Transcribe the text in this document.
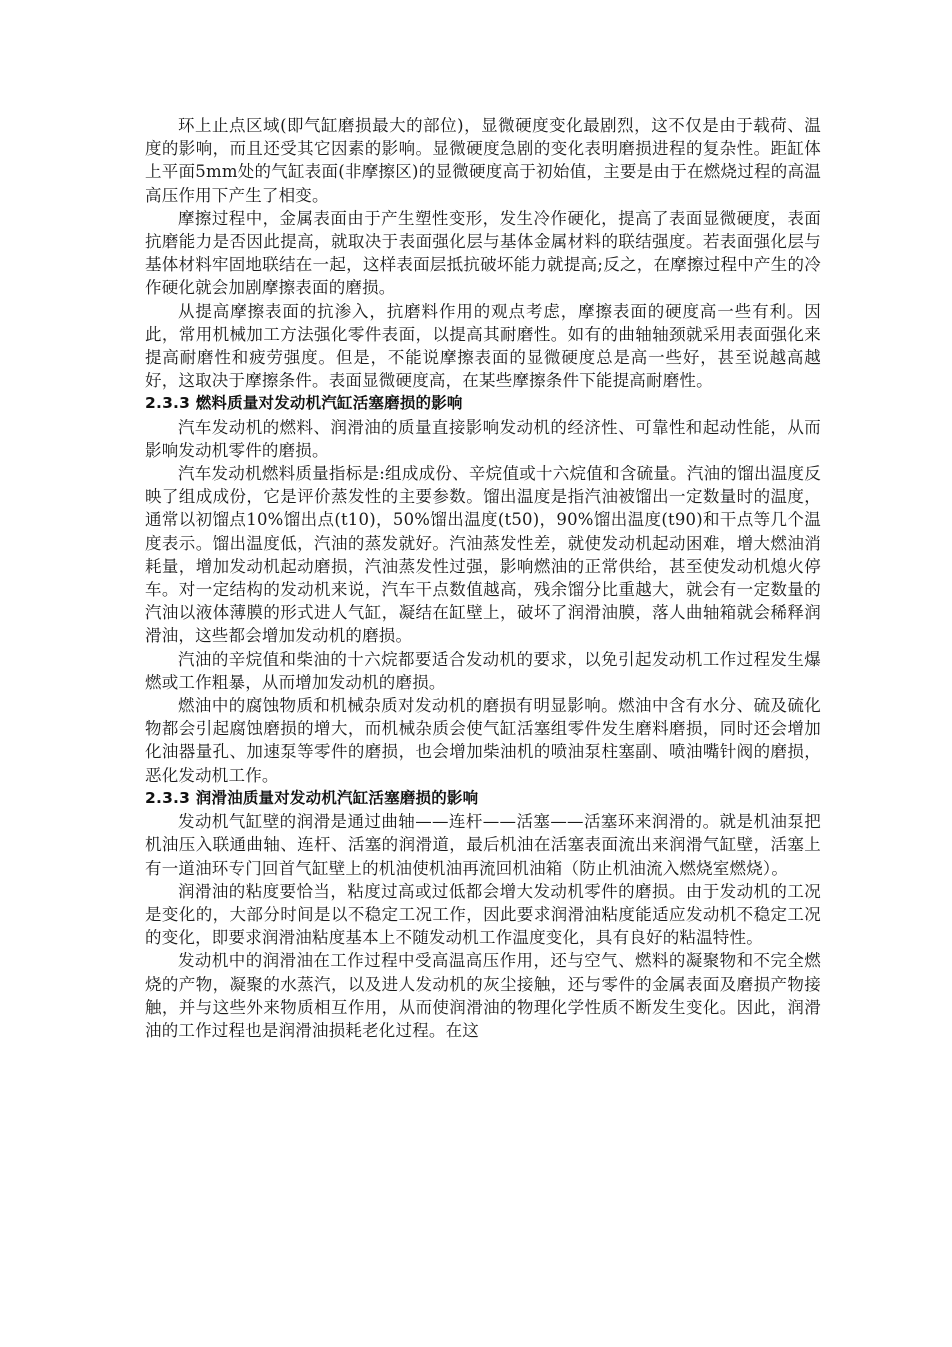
环上止点区域(即气缸磨损最大的部位)，显微硬度变化最剧烈，这不仅是由于载荷、温度的影响，而且还受其它因素的影响。显微硬度急剧的变化表明磨损进程的复杂性。距缸体上平面5mm处的气缸表面(非摩擦区)的显微硬度高于初始值，主要是由于在燃烧过程的高温高压作用下产生了相变。

摩擦过程中，金属表面由于产生塑性变形，发生冷作硬化，提高了表面显微硬度，表面抗磨能力是否因此提高，就取决于表面强化层与基体金属材料的联结强度。若表面强化层与基体材料牢固地联结在一起，这样表面层抵抗破坏能力就提高;反之，在摩擦过程中产生的冷作硬化就会加剧摩擦表面的磨损。

从提高摩擦表面的抗渗入，抗磨料作用的观点考虑，摩擦表面的硬度高一些有利。因此，常用机械加工方法强化零件表面，以提高其耐磨性。如有的曲轴轴颈就采用表面强化来提高耐磨性和疲劳强度。但是，不能说摩擦表面的显微硬度总是高一些好，甚至说越高越好，这取决于摩擦条件。表面显微硬度高，在某些摩擦条件下能提高耐磨性。

2.3.3 燃料质量对发动机汽缸活塞磨损的影响

汽车发动机的燃料、润滑油的质量直接影响发动机的经济性、可靠性和起动性能，从而影响发动机零件的磨损。

汽车发动机燃料质量指标是:组成成份、辛烷值或十六烷值和含硫量。汽油的馏出温度反映了组成成份，它是评价蒸发性的主要参数。馏出温度是指汽油被馏出一定数量时的温度，通常以初馏点10%馏出点(t10)，50%馏出温度(t50)，90%馏出温度(t90)和干点等几个温度表示。馏出温度低，汽油的蒸发就好。汽油蒸发性差，就使发动机起动困难，增大燃油消耗量，增加发动机起动磨损，汽油蒸发性过强，影响燃油的正常供给，甚至使发动机熄火停车。对一定结构的发动机来说，汽车干点数值越高，残余馏分比重越大，就会有一定数量的汽油以液体薄膜的形式进人气缸，凝结在缸壁上，破坏了润滑油膜，落人曲轴箱就会稀释润滑油，这些都会增加发动机的磨损。

汽油的辛烷值和柴油的十六烷都要适合发动机的要求，以免引起发动机工作过程发生爆燃或工作粗暴，从而增加发动机的磨损。

燃油中的腐蚀物质和机械杂质对发动机的磨损有明显影响。燃油中含有水分、硫及硫化物都会引起腐蚀磨损的增大，而机械杂质会使气缸活塞组零件发生磨料磨损，同时还会增加化油器量孔、加速泵等零件的磨损，也会增加柴油机的喷油泵柱塞副、喷油嘴针阀的磨损，恶化发动机工作。

2.3.3 润滑油质量对发动机汽缸活塞磨损的影响

发动机气缸壁的润滑是通过曲轴——连杆——活塞——活塞环来润滑的。就是机油泵把机油压入联通曲轴、连杆、活塞的润滑道，最后机油在活塞表面流出来润滑气缸壁，活塞上有一道油环专门回首气缸壁上的机油使机油再流回机油箱（防止机油流入燃烧室燃烧）。

润滑油的粘度要恰当，粘度过高或过低都会增大发动机零件的磨损。由于发动机的工况是变化的，大部分时间是以不稳定工况工作，因此要求润滑油粘度能适应发动机不稳定工况的变化，即要求润滑油粘度基本上不随发动机工作温度变化，具有良好的粘温特性。

发动机中的润滑油在工作过程中受高温高压作用，还与空气、燃料的凝聚物和不完全燃烧的产物，凝聚的水蒸汽，以及进人发动机的灰尘接触，还与零件的金属表面及磨损产物接触，并与这些外来物质相互作用，从而使润滑油的物理化学性质不断发生变化。因此，润滑油的工作过程也是润滑油损耗老化过程。在这
